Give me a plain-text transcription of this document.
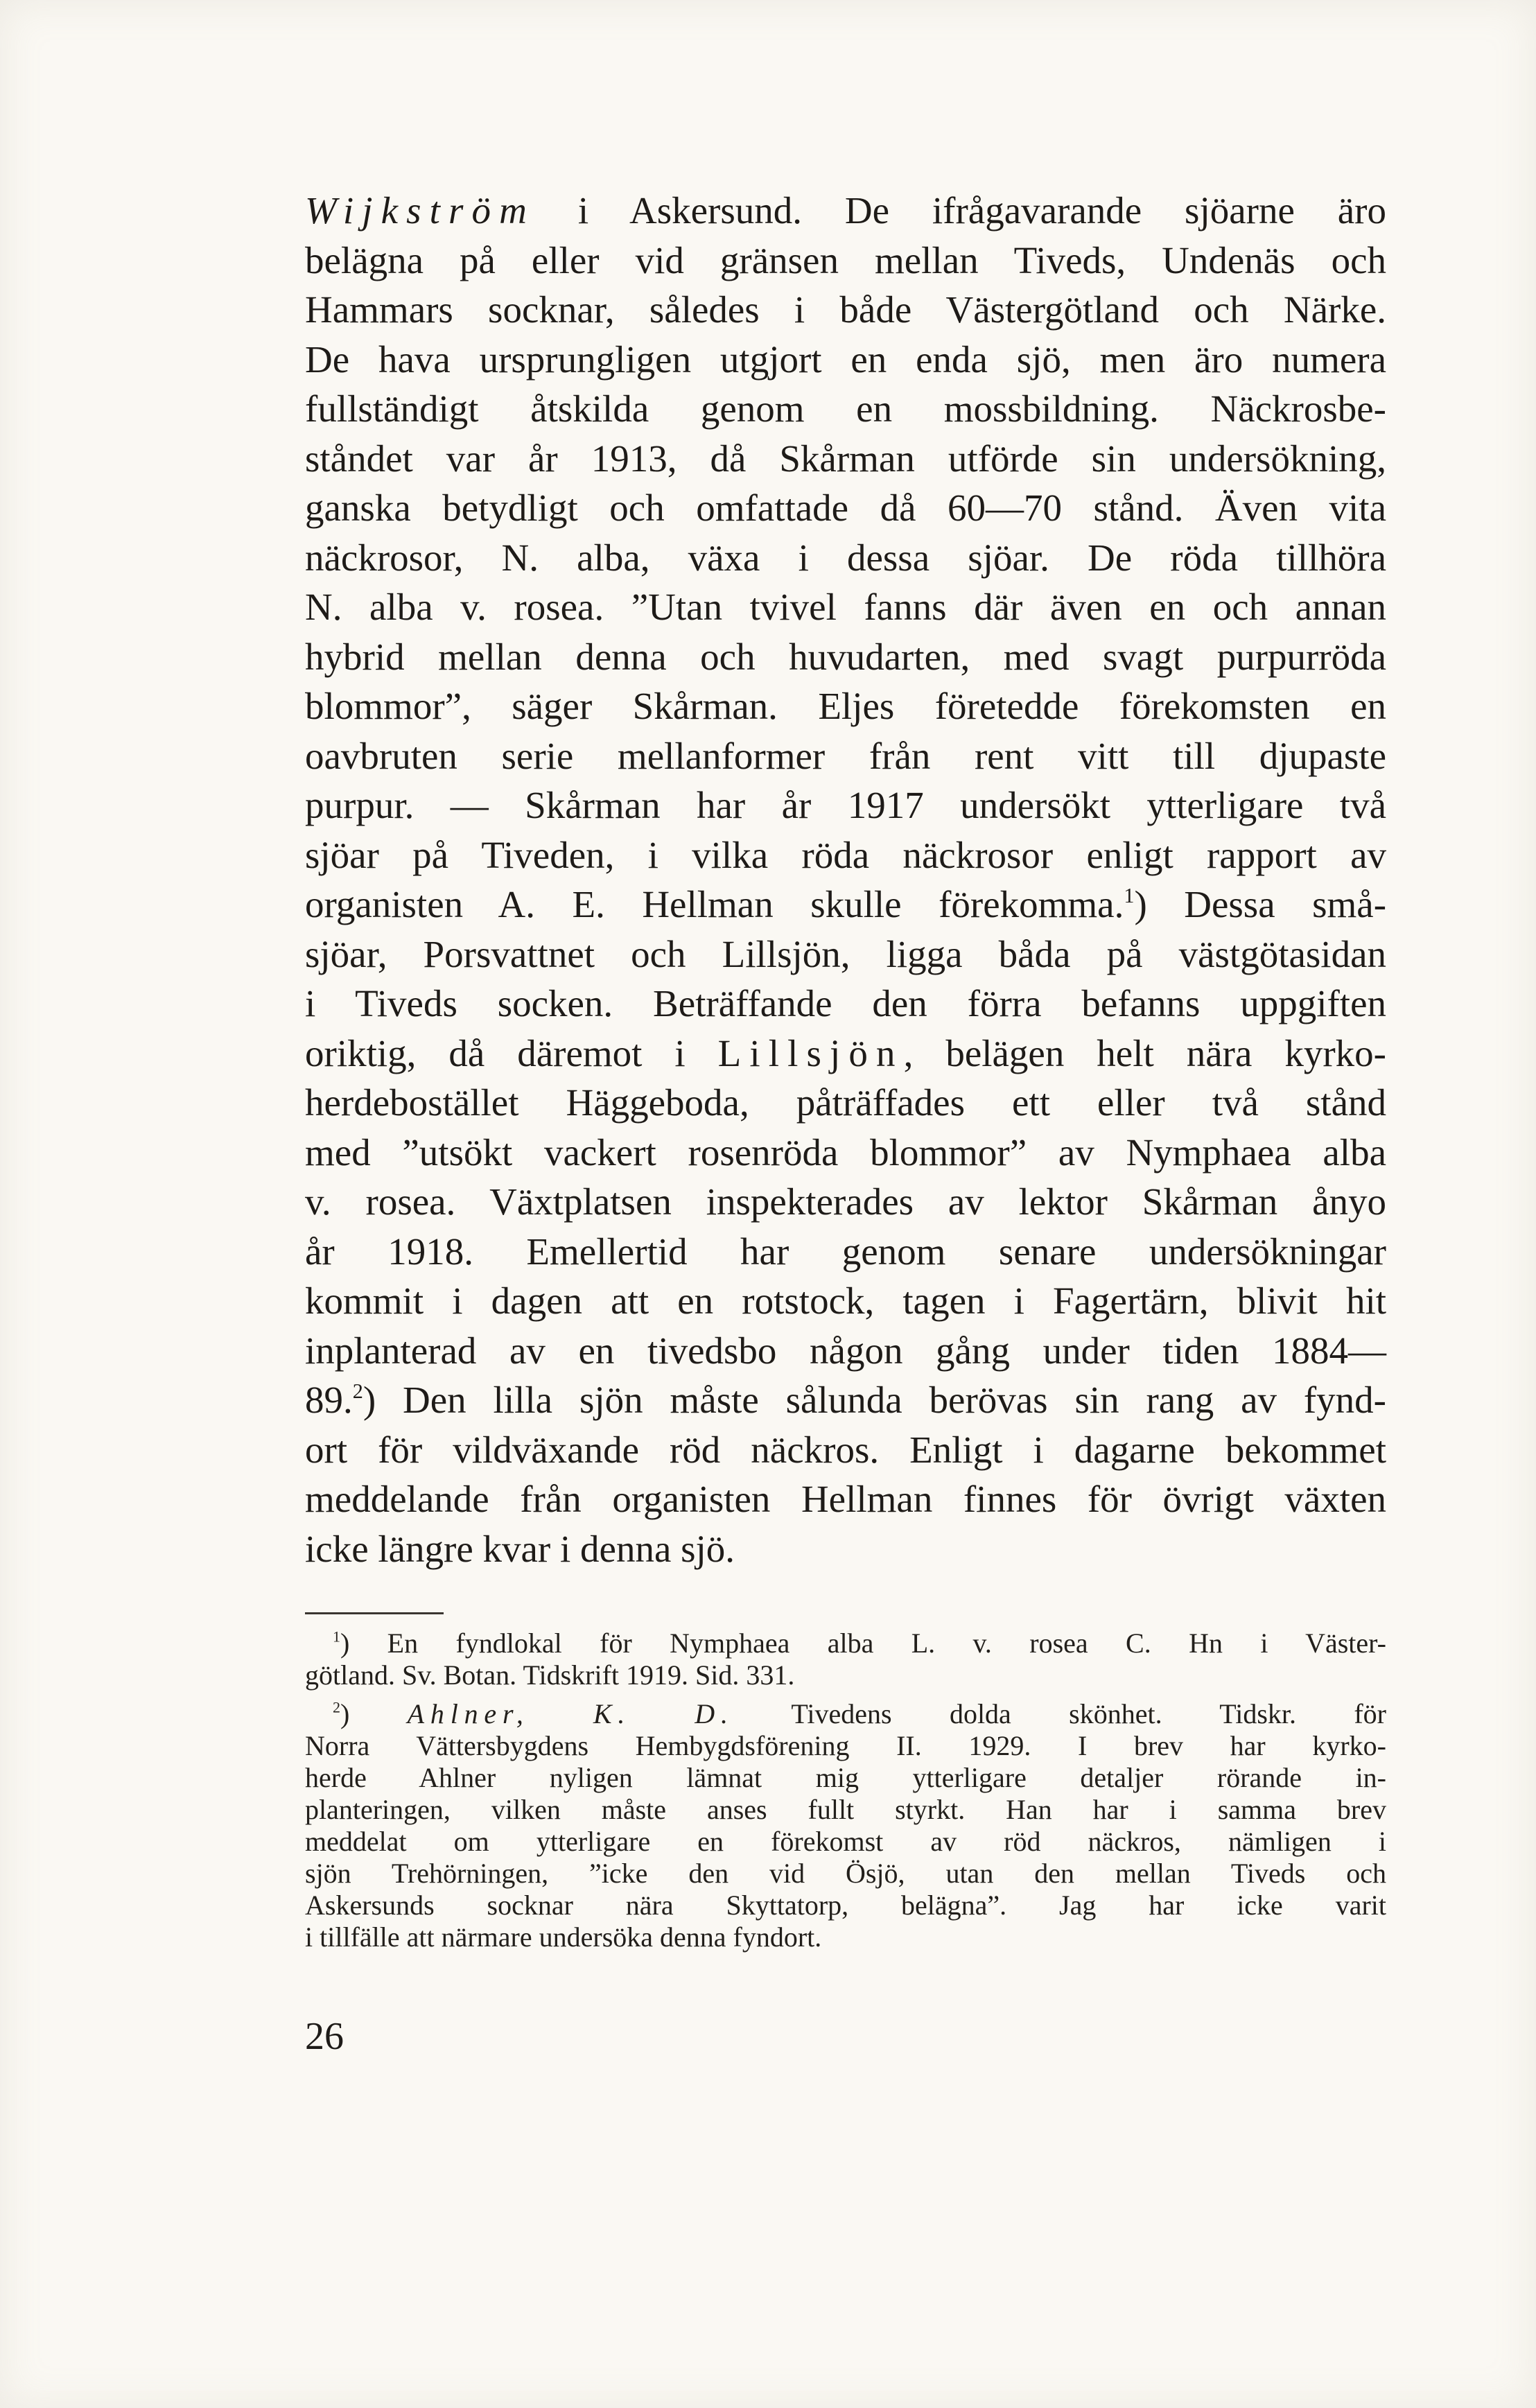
Wijkström i Askersund. De ifrågavarande sjöarne äro
belägna på eller vid gränsen mellan Tiveds, Undenäs och
Hammars socknar, således i både Västergötland och Närke.
De hava ursprungligen utgjort en enda sjö, men äro numera
fullständigt åtskilda genom en mossbildning. Näckrosbe-
ståndet var år 1913, då Skårman utförde sin undersökning,
ganska betydligt och omfattade då 60—70 stånd. Även vita
näckrosor, N. alba, växa i dessa sjöar. De röda tillhöra
N. alba v. rosea. ”Utan tvivel fanns där även en och annan
hybrid mellan denna och huvudarten, med svagt purpurröda
blommor”, säger Skårman. Eljes företedde förekomsten en
oavbruten serie mellanformer från rent vitt till djupaste
purpur. — Skårman har år 1917 undersökt ytterligare två
sjöar på Tiveden, i vilka röda näckrosor enligt rapport av
organisten A. E. Hellman skulle förekomma.$^1$) Dessa små-
sjöar, Porsvattnet och Lillsjön, ligga båda på västgötasidan
i Tiveds socken. Beträffande den förra befanns uppgiften
oriktig, då däremot i Lillsjön, belägen helt nära kyrko-
herdebostället Häggeboda, påträffades ett eller två stånd
med ”utsökt vackert rosenröda blommor” av Nymphaea alba
v. rosea. Växtplatsen inspekterades av lektor Skårman ånyo
år 1918. Emellertid har genom senare undersökningar
kommit i dagen att en rotstock, tagen i Fagertärn, blivit hit
inplanterad av en tivedsbo någon gång under tiden 1884—
89.$^2$) Den lilla sjön måste sålunda berövas sin rang av fynd-
ort för vildväxande röd näckros. Enligt i dagarne bekommet
meddelande från organisten Hellman finnes för övrigt växten
icke längre kvar i denna sjö.
$^1$) En fyndlokal för Nymphaea alba L. v. rosea C. Hn i Väster-
götland. Sv. Botan. Tidskrift 1919. Sid. 331.
$^2$) Ahlner, K. D. Tivedens dolda skönhet. Tidskr. för
Norra Vättersbygdens Hembygdsförening II. 1929. I brev har kyrko-
herde Ahlner nyligen lämnat mig ytterligare detaljer rörande in-
planteringen, vilken måste anses fullt styrkt. Han har i samma brev
meddelat om ytterligare en förekomst av röd näckros, nämligen i
sjön Trehörningen, ”icke den vid Ösjö, utan den mellan Tiveds och
Askersunds socknar nära Skyttatorp, belägna”. Jag har icke varit
i tillfälle att närmare undersöka denna fyndort.
26
